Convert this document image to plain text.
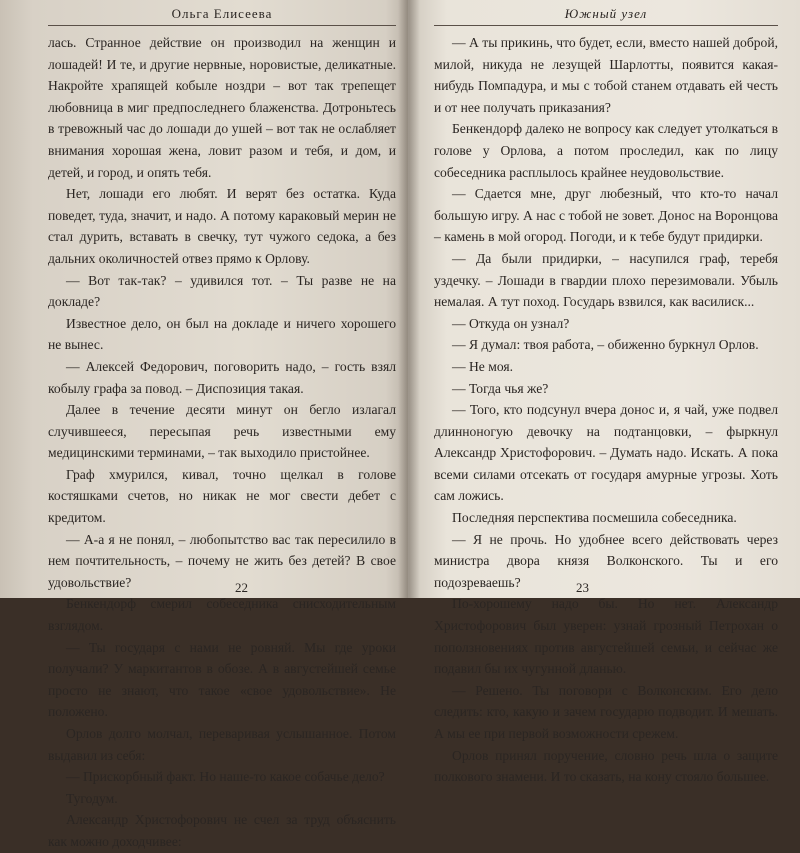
Ольга Елисеева

лась. Странное действие он производил на женщин и лошадей! И те, и другие нервные, норовистые, деликатные. Накройте храпящей кобыле ноздри – вот так трепещет любовница в миг предпоследнего блаженства. Дотроньтесь в тревожный час до лошади до ушей – вот так не ослабляет внимания хорошая жена, ловит разом и тебя, и дом, и детей, и город, и опять тебя.

Нет, лошади его любят. И верят без остатка. Куда поведет, туда, значит, и надо. А потому караковый мерин не стал дурить, вставать в свечку, тут чужого седока, а без дальних околичностей отвез прямо к Орлову.

— Вот так-так? – удивился тот. – Ты разве не на докладе?

Известное дело, он был на докладе и ничего хорошего не вынес.

— Алексей Федорович, поговорить надо, – гость взял кобылу графа за повод. – Диспозиция такая.

Далее в течение десяти минут он бегло излагал случившееся, пересыпая речь известными ему медицинскими терминами, – так выходило пристойнее.

Граф хмурился, кивал, точно щелкал в голове костяшками счетов, но никак не мог свести дебет с кредитом.

— А-а я не понял, – любопытство вас так пересилило в нем почтительность, – почему не жить без детей? В свое удовольствие?

Бенкендорф смерил собеседника снисходительным взглядом.

— Ты государя с нами не ровняй. Мы где уроки получали? У маркитантов в обозе. А в августейшей семье просто не знают, что такое «свое удовольствие». Не положено.

Орлов долго молчал, переваривая услышанное. Потом выдавил из себя:

— Прискорбный факт. Но наше-то какое собачье дело?

Тугодум.

Александр Христофорович не счел за труд объяснить как можно доходчивее:

22
Южный узел

— А ты прикинь, что будет, если, вместо нашей доброй, милой, никуда не лезущей Шарлотты, появится какая-нибудь Помпадура, и мы с тобой станем отдавать ей честь и от нее получать приказания?

Бенкендорф далеко не вопросу как следует утолкаться в голове у Орлова, а потом проследил, как по лицу собеседника расплылось крайнее неудовольствие.

— Сдается мне, друг любезный, что кто-то начал большую игру. А нас с тобой не зовет. Донос на Воронцова – камень в мой огород. Погоди, и к тебе будут придирки.

— Да были придирки, – насупился граф, теребя уздечку. – Лошади в гвардии плохо перезимовали. Убыль немалая. А тут поход. Государь взвился, как василиск...

— Откуда он узнал?

— Я думал: твоя работа, – обиженно буркнул Орлов.

— Не моя.

— Тогда чья же?

— Того, кто подсунул вчера донос и, я чай, уже подвел длинноногую девочку на подтанцовки, – фыркнул Александр Христофорович. – Думать надо. Искать. А пока всеми силами отсекать от государя амурные угрозы. Хоть сам ложись.

Последняя перспектива посмешила собеседника.

— Я не прочь. Но удобнее всего действовать через министра двора князя Волконского. Ты и его подозреваешь?

По-хорошему надо бы. Но нет. Александр Христофорович был уверен: узнай грозный Петрохан о поползновениях против августейшей семьи, и сейчас же подавил бы их чугунной дланью.

— Решено. Ты поговори с Волконским. Его дело следить: кто, какую и зачем государю подводит. И мешать. А мы ее при первой возможности срежем.

Орлов принял поручение, словно речь шла о защите полкового знамени. И то сказать, на кону стояло большее.

23
